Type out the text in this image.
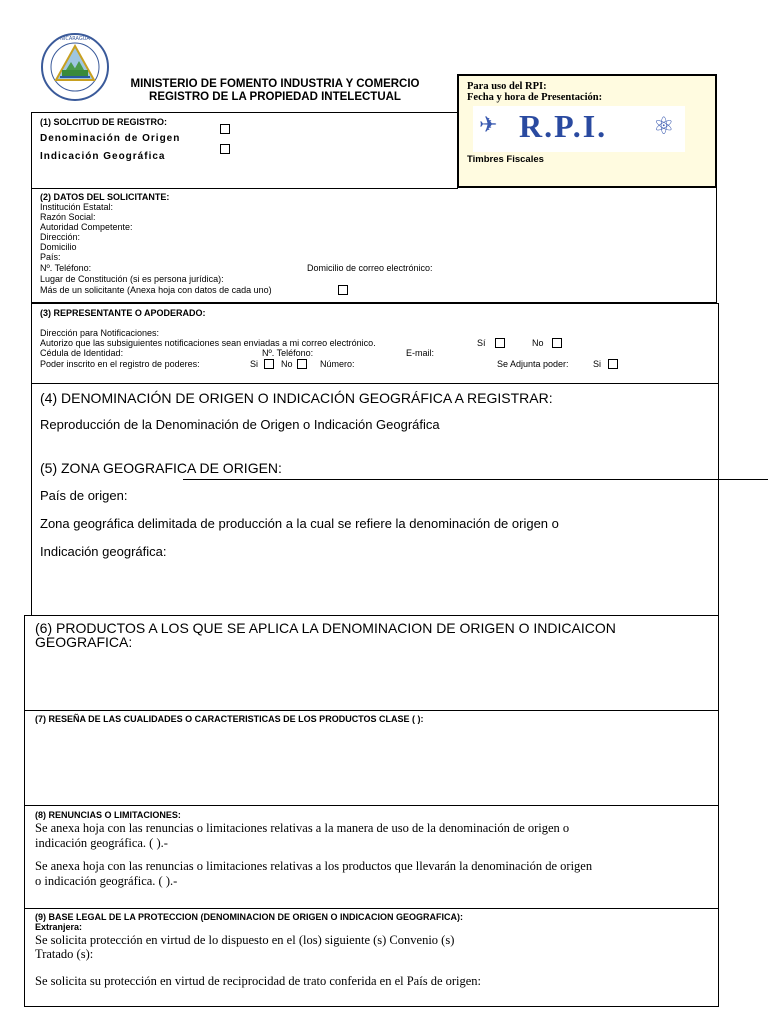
NICARAGUA
MINISTERIO DE FOMENTO INDUSTRIA Y COMERCIO
REGISTRO DE LA PROPIEDAD INTELECTUAL
Para uso del RPI:
Fecha y hora de Presentación:
✈ R.P.I. ⚛
Timbres Fiscales
(1) SOLCITUD DE REGISTRO:
Denominación de Origen
Indicación Geográfica
(2) DATOS DEL SOLICITANTE:
Institución Estatal:
Razón Social:
Autoridad Competente:
Dirección:
Domicilio
País:
Nº. Teléfono:	Domicilio de correo electrónico:
Lugar de Constitución (si es persona jurídica):
Más de un solicitante (Anexa hoja con datos de cada uno)
(3) REPRESENTANTE O APODERADO:
Dirección para Notificaciones:
Autorizo que las subsiguientes notificaciones sean enviadas a mi correo electrónico.	Sí	No
Cédula de Identidad:	Nº. Teléfono:	E-mail:
Poder inscrito en el registro de poderes:	Si	No	Número:	Se Adjunta poder:	Si
(4) DENOMINACIÓN DE ORIGEN O INDICACIÓN GEOGRÁFICA A REGISTRAR:
Reproducción de la Denominación de Origen o Indicación Geográfica
(5) ZONA GEOGRAFICA DE ORIGEN:
País de origen:
Zona geográfica delimitada de producción a la cual se refiere la denominación de origen o
Indicación geográfica:
(6) PRODUCTOS A LOS QUE SE APLICA LA DENOMINACION DE ORIGEN O INDICAICON
GEOGRAFICA:
(7) RESEÑA DE LAS CUALIDADES O CARACTERISTICAS DE LOS PRODUCTOS CLASE ( ):
(8) RENUNCIAS O LIMITACIONES:
Se anexa hoja con las renuncias o limitaciones relativas a la manera de uso de la denominación de origen o
indicación geográfica. ( ).-
Se anexa hoja con las renuncias o limitaciones relativas a los productos que llevarán la denominación de origen
o indicación geográfica. ( ).-
(9) BASE LEGAL DE LA PROTECCION (DENOMINACION DE ORIGEN O INDICACION GEOGRAFICA):
Extranjera:
Se solicita protección en virtud de lo dispuesto en el (los) siguiente (s) Convenio (s)
Tratado (s):
Se solicita su protección en virtud de reciprocidad de trato conferida en el País de origen:
